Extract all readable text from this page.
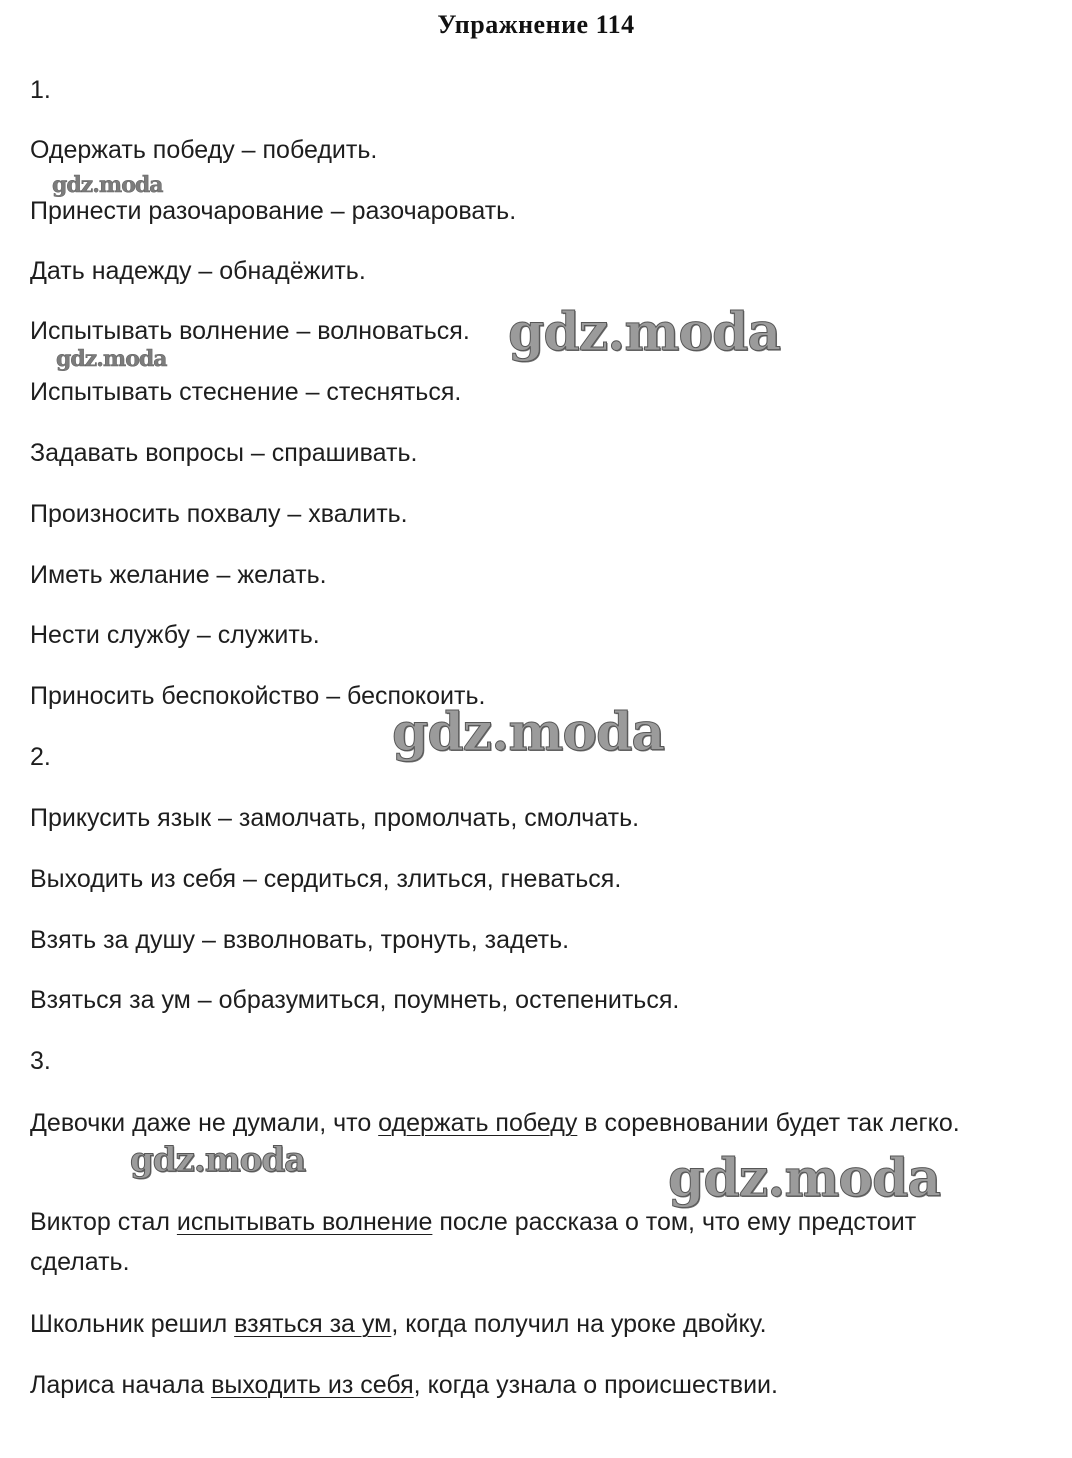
Упражнение 114
1.
Одержать победу – победить.
Принести разочарование – разочаровать.
Дать надежду – обнадёжить.
Испытывать волнение – волноваться.
Испытывать стеснение – стесняться.
Задавать вопросы – спрашивать.
Произносить похвалу – хвалить.
Иметь желание – желать.
Нести службу – служить.
Приносить беспокойство – беспокоить.
2.
Прикусить язык – замолчать, промолчать, смолчать.
Выходить из себя – сердиться, злиться, гневаться.
Взять за душу – взволновать, тронуть, задеть.
Взяться за ум – образумиться, поумнеть, остепениться.
3.
Девочки даже не думали, что одержать победу в соревновании будет так легко.
Виктор стал испытывать волнение после рассказа о том, что ему предстоит сделать.
Школьник решил взяться за ум, когда получил на уроке двойку.
Лариса начала выходить из себя, когда узнала о происшествии.
gdz.moda
gdz.moda	gdz.moda
gdz.moda
gdz.moda	gdz.moda
